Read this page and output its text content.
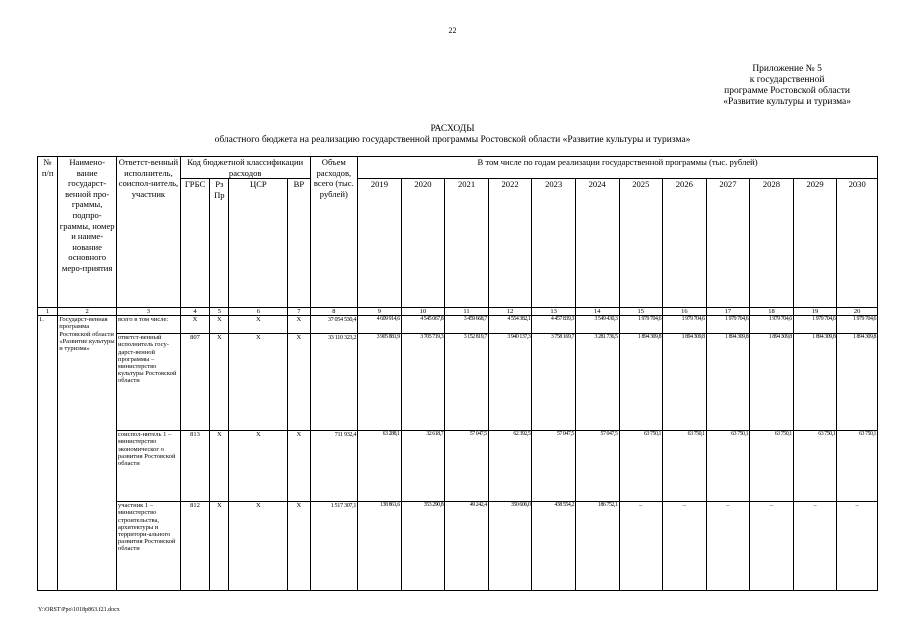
22
Приложение № 5
к государственной
программе Ростовской области
«Развитие культуры и туризма»
РАСХОДЫ
областного бюджета на реализацию государственной программы Ростовской области «Развитие культуры и туризма»
№ п/п	Наимено-вание государст-венной про-граммы, подпро-граммы, номер и наиме-нование основного меро-приятия	Ответст-венный исполнитель, соиспол-нитель, участник	Код бюджетной классификации расходов				Объем расходов,	В том числе по годам реализации государственной программы (тыс. рублей)											
							всего (тыс. рублей)												
			ГРБС	Рз Пр	ЦСР	ВР		2019	2020	2021	2022	2023	2024	2025	2026	2027	2028	2029	2030
1	2	3	4	5	6	7	8	9	10	11	12	13	14	15	16	17	18	19	20
1.	Государст-венная программа Ростовской области «Развитие культуры и туризма»	всего в том числе:	X	X	X	X	37 054 530,4	4 609 914,6	4 545 067,8	3 459 668,7	4 554 382,1	4 457 839,3	3 549 430,3	1 979 704,6	1 979 704,6	1 979 704,6	1 979 704,6	1 979 704,6	1 979 704,6
		ответст-венный исполнитель государст-венной программы – министерство культуры Ростовской области	807	X	X	X	33 110 323,2	3 905 881,9	3 705 719,3	3 152 819,7	3 940 137,3	3 758 169,7	3 281 736,5	1 894 309,8	1 894 309,8	1 894 309,8	1 894 309,8	1 894 309,8	1 894 309,8
		соиспол-нитель 1 – министерство экономическог о развития Ростовской области	813	X	X	X	711 932,4	63 288,1	32 618,7	57 047,5	62 392,5	57 047,5	57 047,5	63 750,1	63 750,1	63 750,1	63 750,1	63 750,1	63 750,1
		участник 1 – министерство строительства, архитектуры и территори-ального развития Ростовской области	812	X	X	X	1 517 307,1	138 861,6	353 290,8	49 242,4	350 606,0	438 554,2	186 752,1	–	–	–	–	–	–
Y:\ORST\Ppo\1018p863.f21.docx
